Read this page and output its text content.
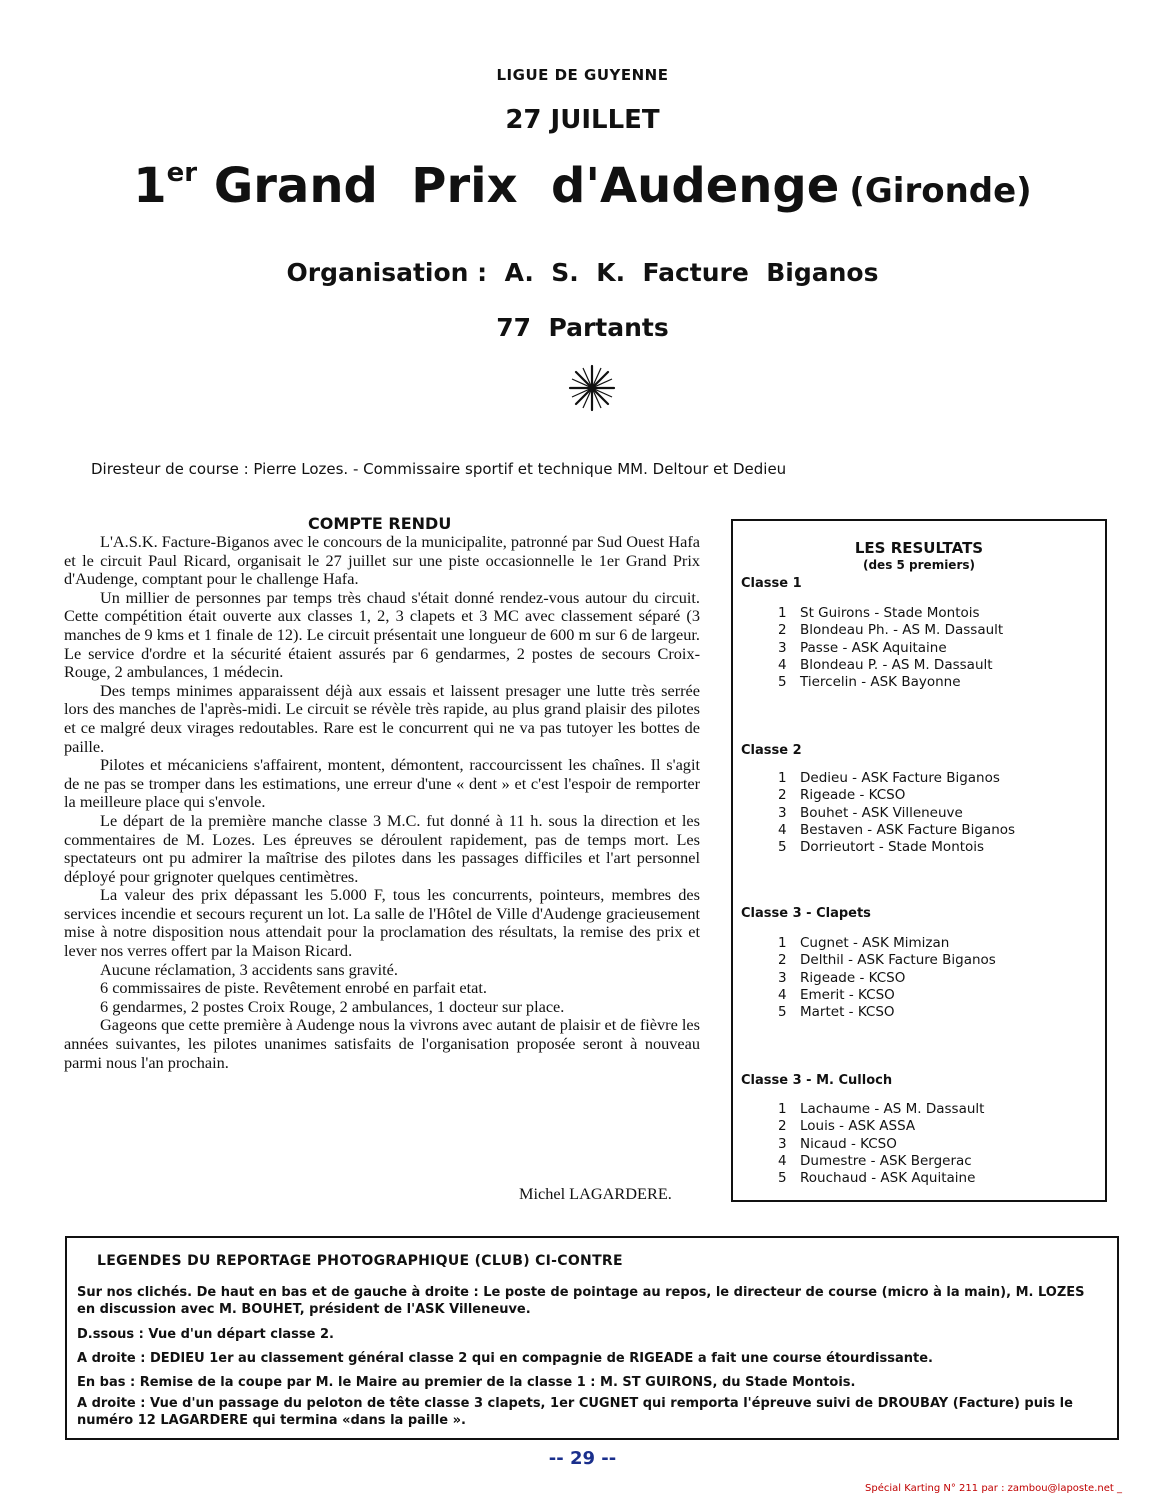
LIGUE DE GUYENNE
27 JUILLET
1er Grand  Prix  d'Audenge (Gironde)
Organisation :  A.  S.  K.  Facture  Biganos
77  Partants
Diresteur de course : Pierre Lozes. - Commissaire sportif et technique MM. Deltour et Dedieu
COMPTE RENDU

L'A.S.K. Facture-Biganos avec le concours de la municipalite, patronné par Sud Ouest Hafa et le circuit Paul Ricard, organisait le 27 juillet sur une piste occasionnelle le 1er Grand Prix d'Audenge, comptant pour le challenge Hafa.

Un millier de personnes par temps très chaud s'était donné rendez-vous autour du circuit. Cette compétition était ouverte aux classes 1, 2, 3 clapets et 3 MC avec classement séparé (3 manches de 9 kms et 1 finale de 12). Le circuit présentait une longueur de 600 m sur 6 de largeur. Le service d'ordre et la sécurité étaient assurés par 6 gendarmes, 2 postes de secours Croix-Rouge, 2 ambulances, 1 médecin.

Des temps minimes apparaissent déjà aux essais et laissent presager une lutte très serrée lors des manches de l'après-midi. Le circuit se révèle très rapide, au plus grand plaisir des pilotes et ce malgré deux virages redoutables. Rare est le concurrent qui ne va pas tutoyer les bottes de paille.

Pilotes et mécaniciens s'affairent, montent, démontent, raccourcissent les chaînes. Il s'agit de ne pas se tromper dans les estimations, une erreur d'une « dent » et c'est l'espoir de remporter la meilleure place qui s'envole.

Le départ de la première manche classe 3 M.C. fut donné à 11 h. sous la direction et les commentaires de M. Lozes. Les épreuves se déroulent rapidement, pas de temps mort. Les spectateurs ont pu admirer la maîtrise des pilotes dans les passages difficiles et l'art personnel déployé pour grignoter quelques centimètres.

La valeur des prix dépassant les 5.000 F, tous les concurrents, pointeurs, membres des services incendie et secours reçurent un lot. La salle de l'Hôtel de Ville d'Audenge gracieusement mise à notre disposition nous attendait pour la proclamation des résultats, la remise des prix et lever nos verres offert par la Maison Ricard.

Aucune réclamation, 3 accidents sans gravité.

6 commissaires de piste. Revêtement enrobé en parfait etat.

6 gendarmes, 2 postes Croix Rouge, 2 ambulances, 1 docteur sur place.

Gageons que cette première à Audenge nous la vivrons avec autant de plaisir et de fièvre les années suivantes, les pilotes unanimes satisfaits de l'organisation proposée seront à nouveau parmi nous l'an prochain.

Michel LAGARDERE.
LES RESULTATS
(des 5 premiers)
Classe 1
1 St Guirons - Stade Montois
2 Blondeau Ph. - AS M. Dassault
3 Passe - ASK Aquitaine
4 Blondeau P. - AS M. Dassault
5 Tiercelin - ASK Bayonne
Classe 2
1 Dedieu - ASK Facture Biganos
2 Rigeade - KCSO
3 Bouhet - ASK Villeneuve
4 Bestaven - ASK Facture Biganos
5 Dorrieutort - Stade Montois
Classe 3 - Clapets
1 Cugnet - ASK Mimizan
2 Delthil - ASK Facture Biganos
3 Rigeade - KCSO
4 Emerit - KCSO
5 Martet - KCSO
Classe 3 - M. Culloch
1 Lachaume - AS M. Dassault
2 Louis - ASK ASSA
3 Nicaud - KCSO
4 Dumestre - ASK Bergerac
5 Rouchaud - ASK Aquitaine
LEGENDES DU REPORTAGE PHOTOGRAPHIQUE (CLUB) CI-CONTRE
Sur nos clichés. De haut en bas et de gauche à droite : Le poste de pointage au repos, le directeur de course (micro à la main), M. LOZES en discussion avec M. BOUHET, président de l'ASK Villeneuve.
D.ssous : Vue d'un départ classe 2.
A droite : DEDIEU 1er au classement général classe 2 qui en compagnie de RIGEADE a fait une course étourdissante.
En bas : Remise de la coupe par M. le Maire au premier de la classe 1 : M. ST GUIRONS, du Stade Montois.
A droite : Vue d'un passage du peloton de tête classe 3 clapets, 1er CUGNET qui remporta l'épreuve suivi de DROUBAY (Facture) puis le numéro 12 LAGARDERE qui termina «dans la paille ».
-- 29 --
Spécial Karting N° 211 par : zambou@laposte.net _
